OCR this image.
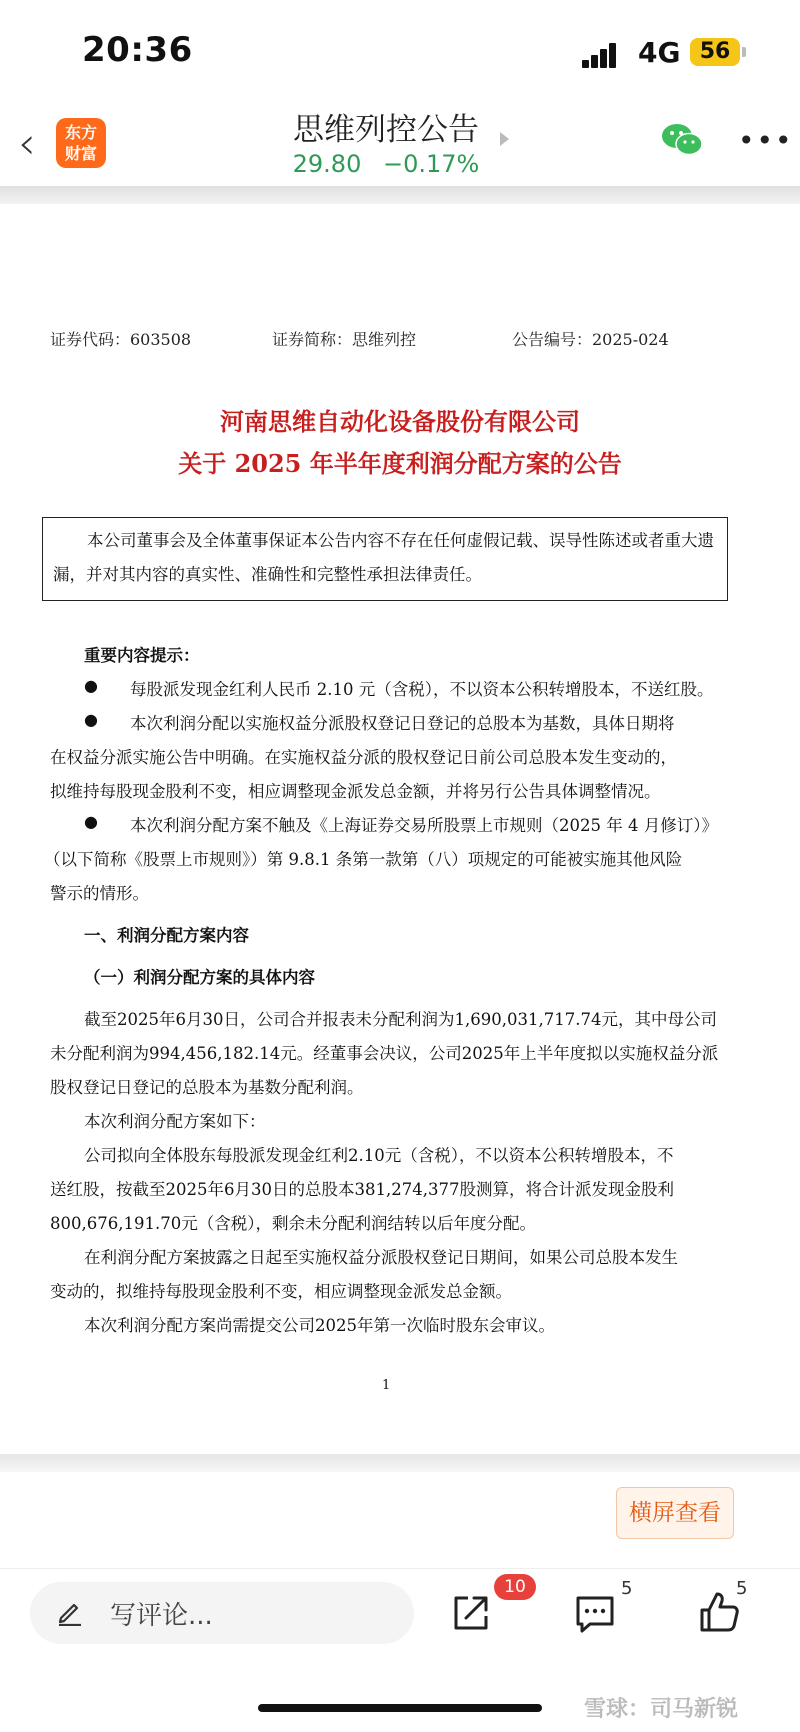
20:36	4G 56
‹	东方
财富
思维列控公告
29.80 −0.17%
•••
证券代码：603508	证券简称：思维列控	公告编号：2025-024
河南思维自动化设备股份有限公司
关于 2025 年半年度利润分配方案的公告
本公司董事会及全体董事保证本公告内容不存在任何虚假记载、误导性陈述或者重大遗漏，并对其内容的真实性、准确性和完整性承担法律责任。
重要内容提示：
● 每股派发现金红利人民币 2.10 元（含税），不以资本公积转增股本，不送红股。
● 本次利润分配以实施权益分派股权登记日登记的总股本为基数，具体日期将
在权益分派实施公告中明确。在实施权益分派的股权登记日前公司总股本发生变动的，
拟维持每股现金股利不变，相应调整现金派发总金额，并将另行公告具体调整情况。
● 本次利润分配方案不触及《上海证券交易所股票上市规则（2025 年 4 月修订）》
（以下简称《股票上市规则》）第 9.8.1 条第一款第（八）项规定的可能被实施其他风险
警示的情形。
一、利润分配方案内容
（一）利润分配方案的具体内容
截至2025年6月30日，公司合并报表未分配利润为1,690,031,717.74元，其中母公司
未分配利润为994,456,182.14元。经董事会决议，公司2025年上半年度拟以实施权益分派
股权登记日登记的总股本为基数分配利润。
本次利润分配方案如下：
公司拟向全体股东每股派发现金红利2.10元（含税），不以资本公积转增股本，不
送红股，按截至2025年6月30日的总股本381,274,377股测算，将合计派发现金股利
800,676,191.70元（含税），剩余未分配利润结转以后年度分配。
在利润分配方案披露之日起至实施权益分派股权登记日期间，如果公司总股本发生
变动的，拟维持每股现金股利不变，相应调整现金派发总金额。
本次利润分配方案尚需提交公司2025年第一次临时股东会审议。
1
横屏查看
写评论...
10	5	5
雪球：司马新锐
